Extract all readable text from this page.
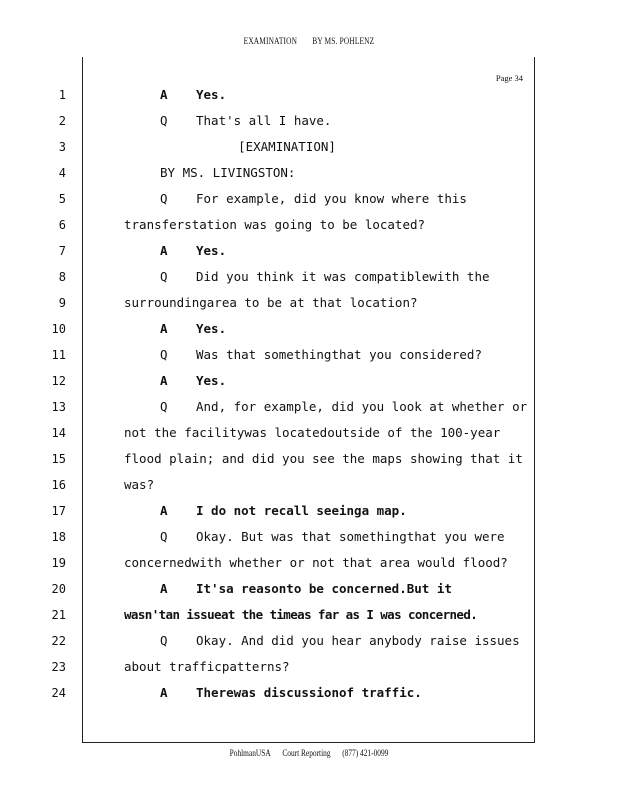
EXAMINATION BY MS. POHLENZ
Page 34
1	A Yes.
2	Q That's all I have.
3	[EXAMINATION]
4	BY MS. LIVINGSTON:
5	Q For example, did you know where this
6	transferstation was going to be located?
7	A Yes.
8	Q Did you think it was compatiblewith the
9	surroundingarea to be at that location?
10	A Yes.
11	Q Was that somethingthat you considered?
12	A Yes.
13	Q And, for example, did you look at whether or
14	not the facilitywas locatedoutside of the 100-year
15	flood plain; and did you see the maps showing that it
16	was?
17	A I do not recall seeinga map.
18	Q Okay. But was that somethingthat you were
19	concernedwith whether or not that area would flood?
20	A It'sa reasonto be concerned.But it
21	wasn'tan issueat the timeas far as I was concerned.
22	Q Okay. And did you hear anybody raise issues
23	about trafficpatterns?
24	A Therewas discussionof traffic.
PohlmanUSA Court Reporting (877) 421-0099
